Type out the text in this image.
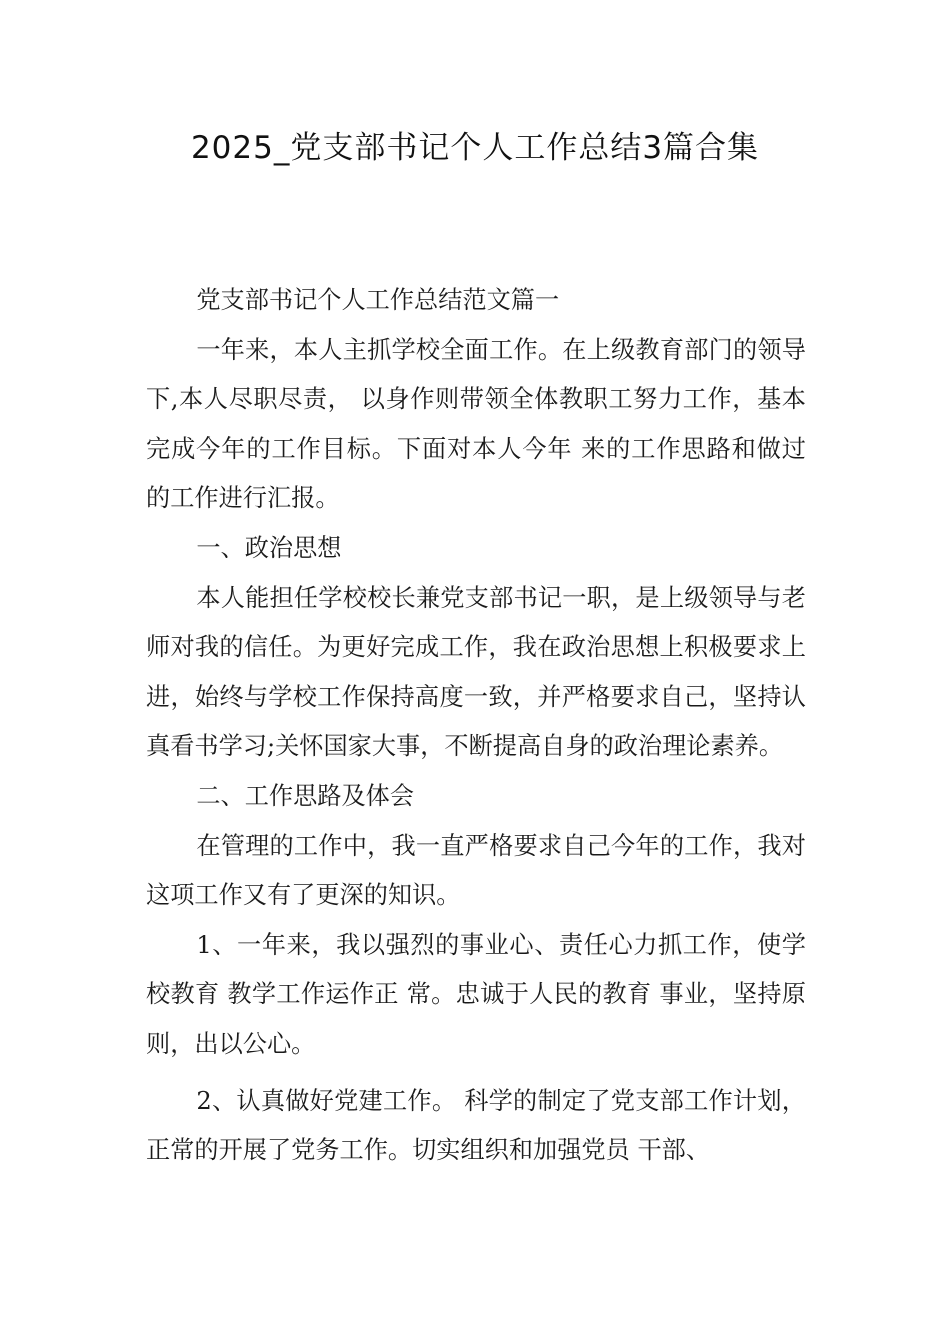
2025_党支部书记个人工作总结3篇合集

党支部书记个人工作总结范文篇一

一年来，本人主抓学校全面工作。在上级教育部门的领导下,本人尽职尽责， 以身作则带领全体教职工努力工作，基本完成今年的工作目标。下面对本人今年 来的工作思路和做过的工作进行汇报。

一、政治思想

本人能担任学校校长兼党支部书记一职，是上级领导与老师对我的信任。为更好完成工作，我在政治思想上积极要求上进，始终与学校工作保持高度一致，并严格要求自己，坚持认真看书学习;关怀国家大事，不断提高自身的政治理论素养。

二、工作思路及体会

在管理的工作中，我一直严格要求自己今年的工作，我对这项工作又有了更深的知识。

1、一年来，我以强烈的事业心、责任心力抓工作，使学校教育 教学工作运作正 常。忠诚于人民的教育 事业，坚持原则，出以公心。

2、认真做好党建工作。 科学的制定了党支部工作计划，正常的开展了党务工作。切实组织和加强党员 干部、
